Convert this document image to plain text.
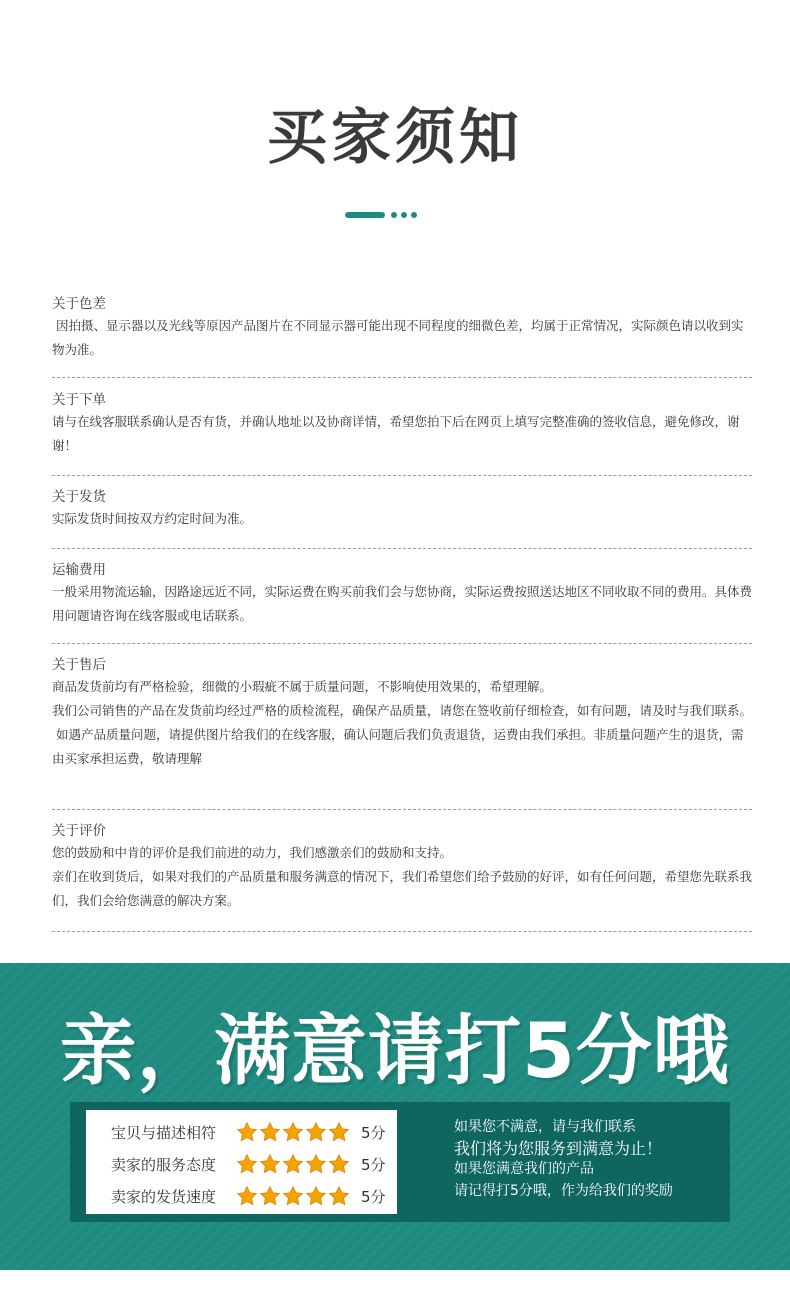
买家须知
关于色差
因拍摄、显示器以及光线等原因产品图片在不同显示器可能出现不同程度的细微色差，均属于正常情况，实际颜色请以收到实物为准。
关于下单
请与在线客服联系确认是否有货，并确认地址以及协商详情，希望您拍下后在网页上填写完整准确的签收信息，避免修改，谢谢！
关于发货
实际发货时间按双方约定时间为准。
运输费用
一般采用物流运输，因路途远近不同，实际运费在购买前我们会与您协商，实际运费按照送达地区不同收取不同的费用。具体费用问题请咨询在线客服或电话联系。
关于售后
商品发货前均有严格检验，细微的小瑕疵不属于质量问题，不影响使用效果的，希望理解。
我们公司销售的产品在发货前均经过严格的质检流程，确保产品质量，请您在签收前仔细检查，如有问题，请及时与我们联系。
如遇产品质量问题，请提供图片给我们的在线客服，确认问题后我们负责退货，运费由我们承担。非质量问题产生的退货，需由买家承担运费，敬请理解
关于评价
您的鼓励和中肯的评价是我们前进的动力，我们感激亲们的鼓励和支持。
亲们在收到货后，如果对我们的产品质量和服务满意的情况下，我们希望您们给予鼓励的好评，如有任何问题，希望您先联系我们，我们会给您满意的解决方案。
亲，满意请打5分哦
宝贝与描述相符	5分
卖家的服务态度	5分
卖家的发货速度	5分
如果您不满意，请与我们联系
我们将为您服务到满意为止！
如果您满意我们的产品
请记得打5分哦，作为给我们的奖励
